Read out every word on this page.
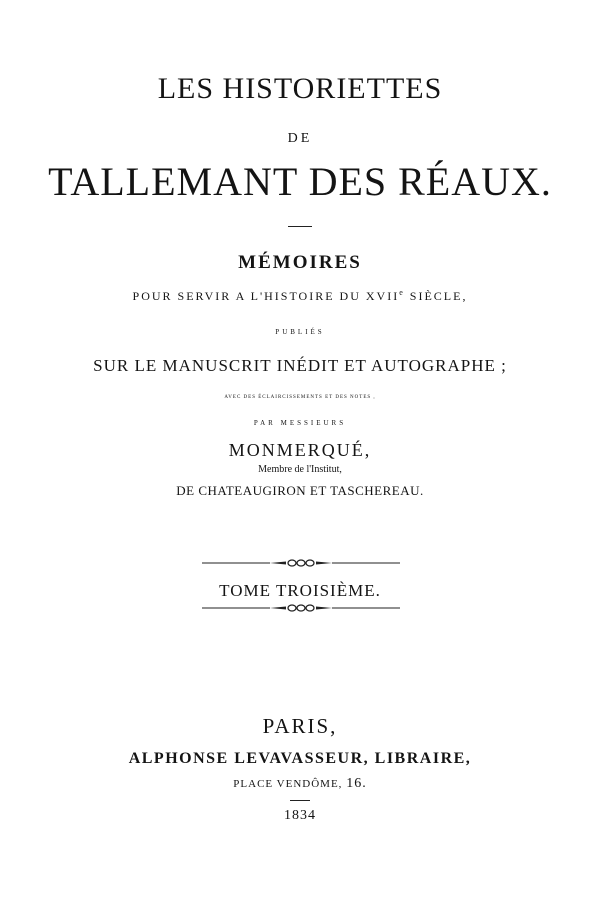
LES HISTORIETTES
DE
TALLEMANT DES RÉAUX.
MÉMOIRES
POUR SERVIR A L'HISTOIRE DU XVIIe SIÈCLE,
PUBLIÉS
SUR LE MANUSCRIT INÉDIT ET AUTOGRAPHE ;
AVEC DES ÉCLAIRCISSEMENTS ET DES NOTES ,
PAR MESSIEURS
MONMERQUÉ,
Membre de l'Institut,
DE CHATEAUGIRON ET TASCHEREAU.
TOME TROISIÈME.
PARIS,
ALPHONSE LEVAVASSEUR, LIBRAIRE,
PLACE VENDÔME, 16.
1834
